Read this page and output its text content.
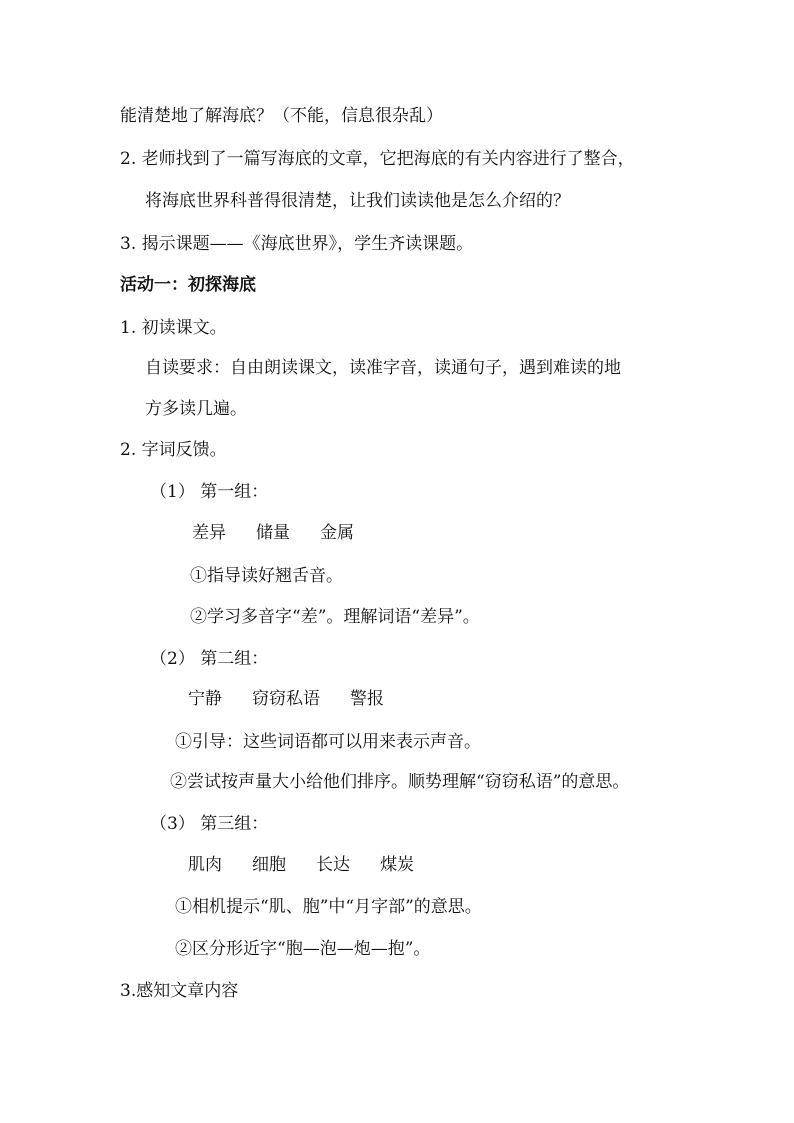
能清楚地了解海底？（不能，信息很杂乱）
2. 老师找到了一篇写海底的文章，它把海底的有关内容进行了整合，
将海底世界科普得很清楚，让我们读读他是怎么介绍的？
3. 揭示课题——《海底世界》，学生齐读课题。
活动一：初探海底
1. 初读课文。
自读要求：自由朗读课文，读准字音，读通句子，遇到难读的地
方多读几遍。
2. 字词反馈。
（1） 第一组：
差异 储量 金属
①指导读好翘舌音。
②学习多音字“差”。理解词语“差异”。
（2） 第二组：
宁静 窃窃私语 警报
①引导：这些词语都可以用来表示声音。
②尝试按声量大小给他们排序。顺势理解“窃窃私语”的意思。
（3） 第三组：
肌肉 细胞 长达 煤炭
①相机提示“肌、胞”中“月字部”的意思。
②区分形近字“胞—泡—炮—抱”。
3.感知文章内容
